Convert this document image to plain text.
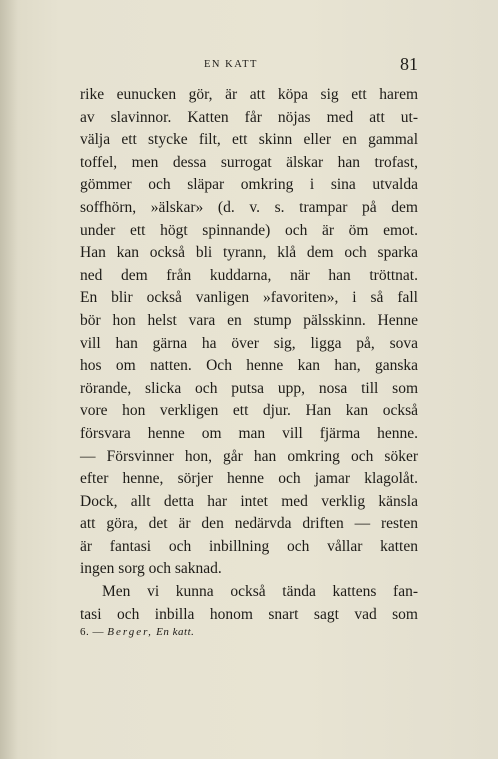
EN KATT	81
rike eunucken gör, är att köpa sig ett harem
av slavinnor. Katten får nöjas med att ut-
välja ett stycke filt, ett skinn eller en gammal
toffel, men dessa surrogat älskar han trofast,
gömmer och släpar omkring i sina utvalda
soffhörn, »älskar» (d. v. s. trampar på dem
under ett högt spinnande) och är öm emot.
Han kan också bli tyrann, klå dem och sparka
ned dem från kuddarna, när han tröttnat.
En blir också vanligen »favoriten», i så fall
bör hon helst vara en stump pälsskinn. Henne
vill han gärna ha över sig, ligga på, sova
hos om natten. Och henne kan han, ganska
rörande, slicka och putsa upp, nosa till som
vore hon verkligen ett djur. Han kan också
försvara henne om man vill fjärma henne.
— Försvinner hon, går han omkring och söker
efter henne, sörjer henne och jamar klagolåt.
Dock, allt detta har intet med verklig känsla
att göra, det är den nedärvda driften — resten
är fantasi och inbillning och vållar katten
ingen sorg och saknad.
Men vi kunna också tända kattens fan-
tasi och inbilla honom snart sagt vad som
6. — Berger, En katt.
